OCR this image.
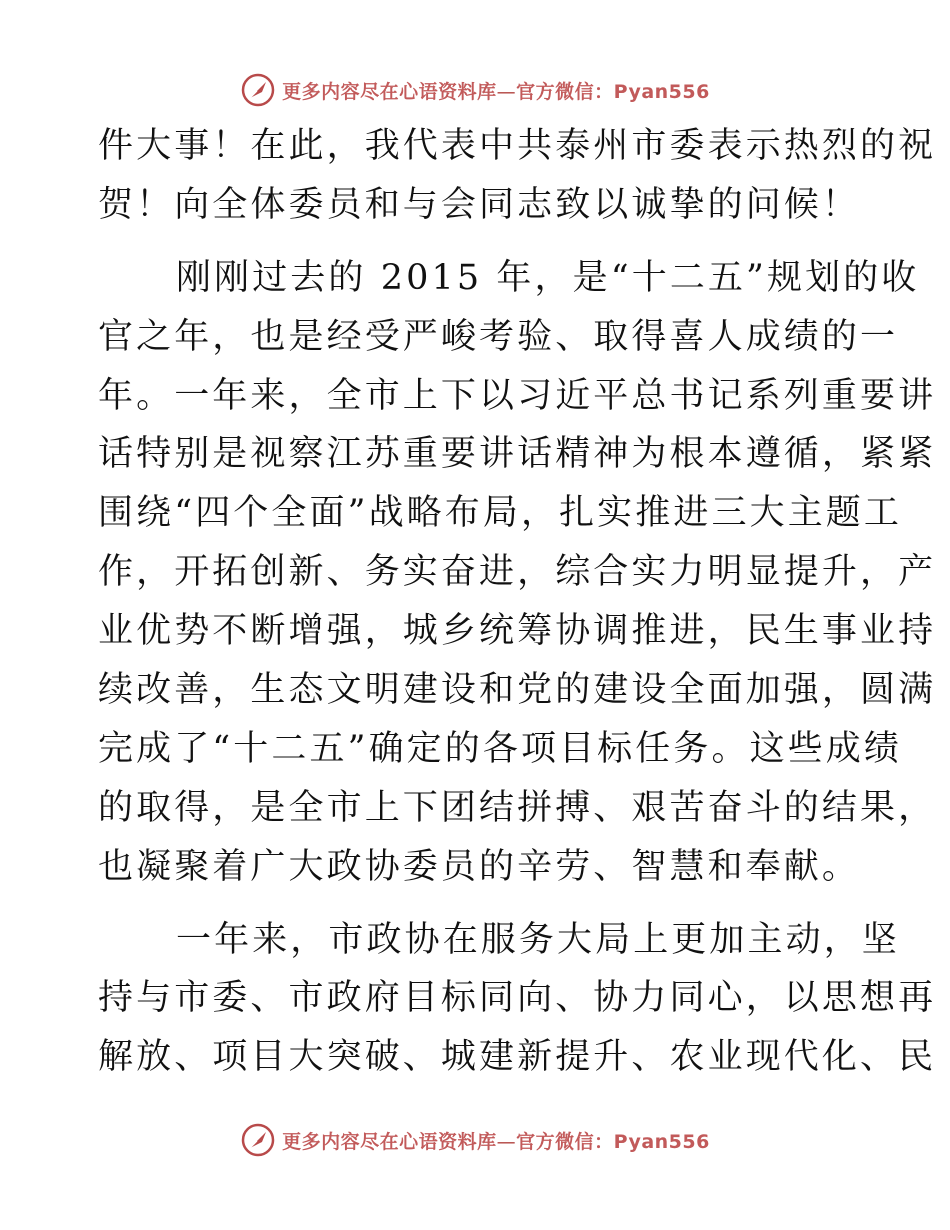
更多内容尽在心语资料库—官方微信：Pyan556
件大事！在此，我代表中共泰州市委表示热烈的祝
贺！向全体委员和与会同志致以诚挚的问候！
刚刚过去的 2015 年，是“十二五”规划的收
官之年，也是经受严峻考验、取得喜人成绩的一
年。一年来，全市上下以习近平总书记系列重要讲
话特别是视察江苏重要讲话精神为根本遵循，紧紧
围绕“四个全面”战略布局，扎实推进三大主题工
作，开拓创新、务实奋进，综合实力明显提升，产
业优势不断增强，城乡统筹协调推进，民生事业持
续改善，生态文明建设和党的建设全面加强，圆满
完成了“十二五”确定的各项目标任务。这些成绩
的取得，是全市上下团结拼搏、艰苦奋斗的结果，
也凝聚着广大政协委员的辛劳、智慧和奉献。
一年来，市政协在服务大局上更加主动，坚
持与市委、市政府目标同向、协力同心，以思想再
解放、项目大突破、城建新提升、农业现代化、民
更多内容尽在心语资料库—官方微信：Pyan556
